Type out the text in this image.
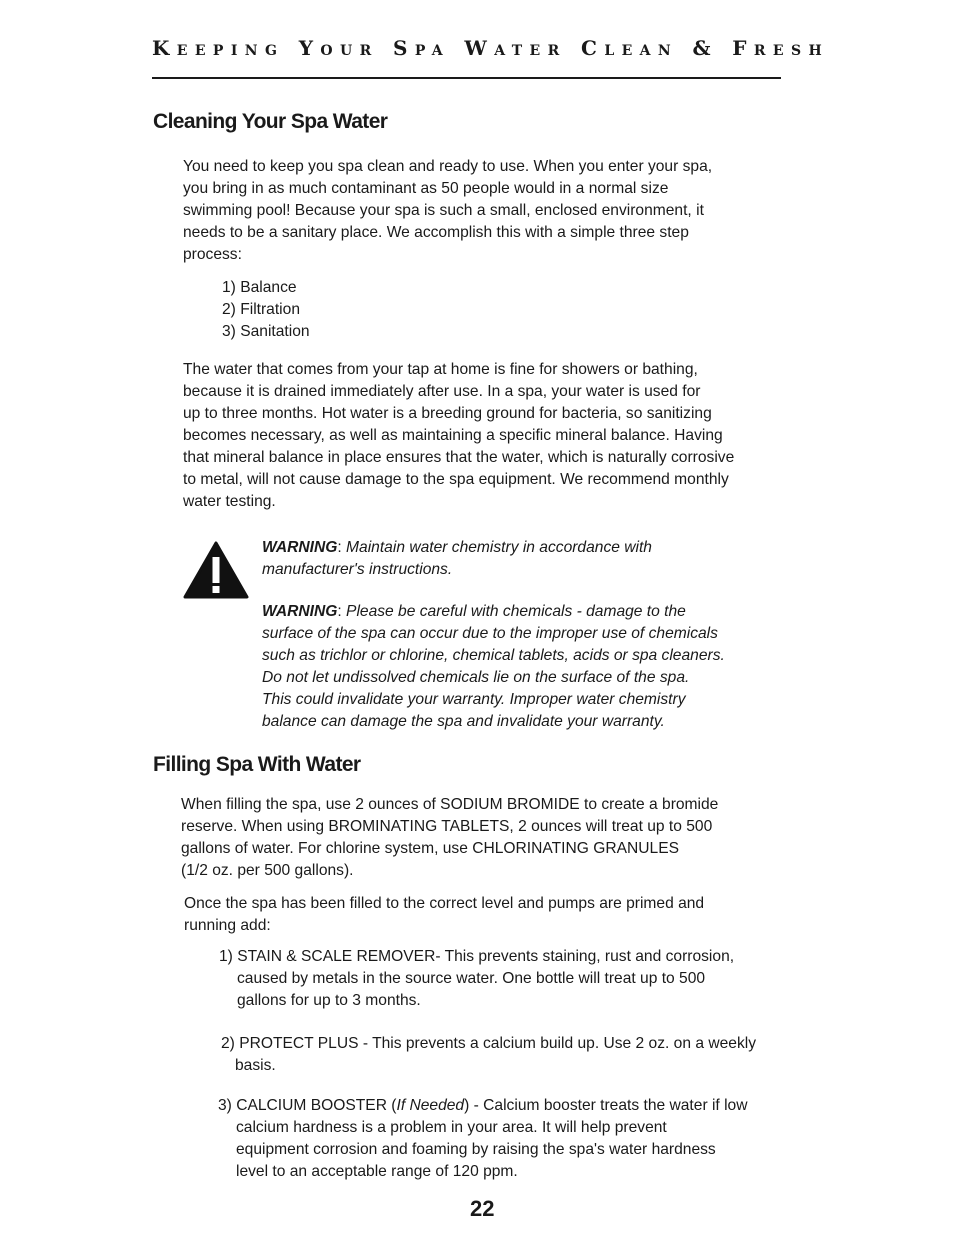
Keeping Your Spa Water Clean & Fresh
Cleaning Your Spa Water
You need to keep you spa clean and ready to use. When you enter your spa,
you bring in as much contaminant as 50 people would in a normal size
swimming pool! Because your spa is such a small, enclosed environment, it
needs to be a sanitary place. We accomplish this with a simple three step
process:
1) Balance
2) Filtration
3) Sanitation
The water that comes from your tap at home is fine for showers or bathing,
because it is drained immediately after use. In a spa, your water is used for
up to three months. Hot water is a breeding ground for bacteria, so sanitizing
becomes necessary, as well as maintaining a specific mineral balance. Having
that mineral balance in place ensures that the water, which is naturally corrosive
to metal, will not cause damage to the spa equipment. We recommend monthly
water testing.
WARNING: Maintain water chemistry in accordance with
manufacturer's instructions.
WARNING: Please be careful with chemicals - damage to the
surface of the spa can occur due to the improper use of chemicals
such as trichlor or chlorine, chemical tablets, acids or spa cleaners.
Do not let undissolved chemicals lie on the surface of the spa.
This could invalidate your warranty. Improper water chemistry
balance can damage the spa and invalidate your warranty.
Filling Spa With Water
When filling the spa, use 2 ounces of SODIUM BROMIDE to create a bromide
reserve. When using BROMINATING TABLETS, 2 ounces will treat up to 500
gallons of water. For chlorine system, use CHLORINATING GRANULES
(1/2 oz. per 500 gallons).
Once the spa has been filled to the correct level and pumps are primed and
running add:
1) STAIN & SCALE REMOVER- This prevents staining, rust and corrosion,
caused by metals in the source water. One bottle will treat up to 500
gallons for up to 3 months.
2) PROTECT PLUS - This prevents a calcium build up. Use 2 oz. on a weekly
basis.
3) CALCIUM BOOSTER (If Needed) - Calcium booster treats the water if low
calcium hardness is a problem in your area. It will help prevent
equipment corrosion and foaming by raising the spa's water hardness
level to an acceptable range of 120 ppm.
22
